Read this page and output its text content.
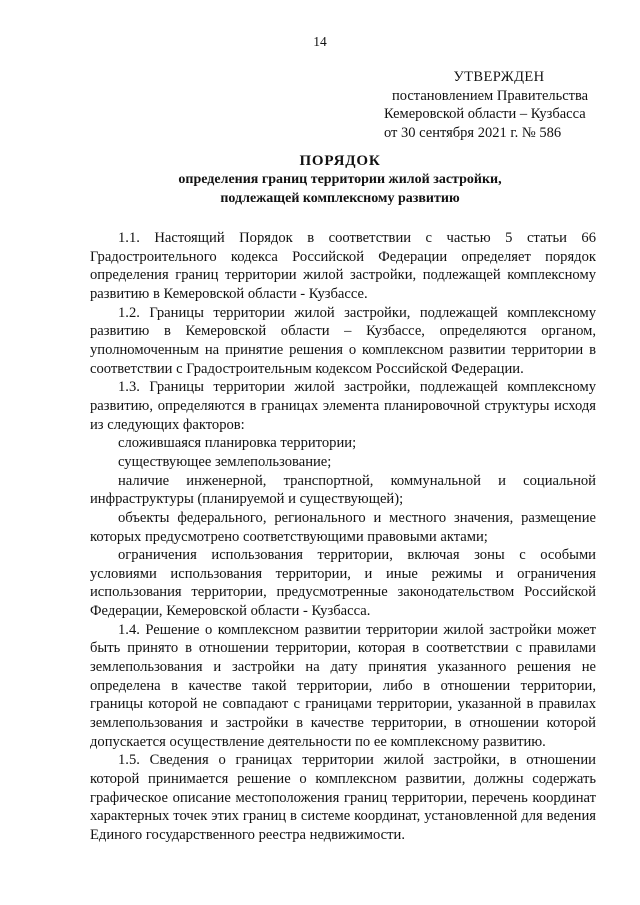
14
УТВЕРЖДЕН
постановлением Правительства
Кемеровской области – Кузбасса
от 30 сентября 2021 г. № 586
ПОРЯДОК
определения границ территории жилой застройки,
подлежащей комплексному развитию

1.1. Настоящий Порядок в соответствии с частью 5 статьи 66 Градостроительного кодекса Российской Федерации определяет порядок определения границ территории жилой застройки, подлежащей комплексному развитию в Кемеровской области - Кузбассе.

1.2. Границы территории жилой застройки, подлежащей комплексному развитию в Кемеровской области – Кузбассе, определяются органом, уполномоченным на принятие решения о комплексном развитии территории в соответствии с Градостроительным кодексом Российской Федерации.

1.3. Границы территории жилой застройки, подлежащей комплексному развитию, определяются в границах элемента планировочной структуры исходя из следующих факторов:

сложившаяся планировка территории;

существующее землепользование;

наличие инженерной, транспортной, коммунальной и социальной инфраструктуры (планируемой и существующей);

объекты федерального, регионального и местного значения, размещение которых предусмотрено соответствующими правовыми актами;

ограничения использования территории, включая зоны с особыми условиями использования территории, и иные режимы и ограничения использования территории, предусмотренные законодательством Российской Федерации, Кемеровской области - Кузбасса.

1.4. Решение о комплексном развитии территории жилой застройки может быть принято в отношении территории, которая в соответствии с правилами землепользования и застройки на дату принятия указанного решения не определена в качестве такой территории, либо в отношении территории, границы которой не совпадают с границами территории, указанной в правилах землепользования и застройки в качестве территории, в отношении которой допускается осуществление деятельности по ее комплексному развитию.

1.5. Сведения о границах территории жилой застройки, в отношении которой принимается решение о комплексном развитии, должны содержать графическое описание местоположения границ территории, перечень координат характерных точек этих границ в системе координат, установленной для ведения Единого государственного реестра недвижимости.
